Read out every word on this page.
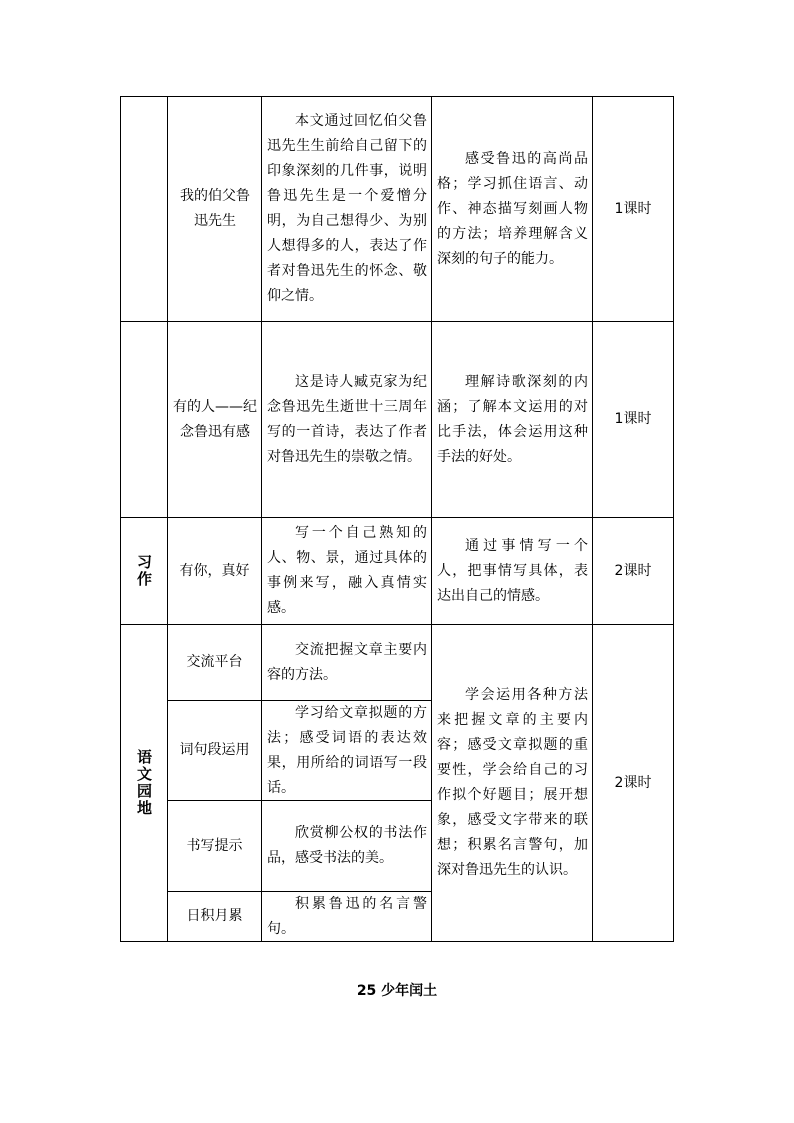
我的伯父鲁迅先生
本文通过回忆伯父鲁迅先生生前给自己留下的印象深刻的几件事，说明鲁迅先生是一个爱憎分明，为自己想得少、为别人想得多的人，表达了作者对鲁迅先生的怀念、敬仰之情。
感受鲁迅的高尚品格；学习抓住语言、动作、神态描写刻画人物的方法；培养理解含义深刻的句子的能力。
1课时
有的人——纪念鲁迅有感
这是诗人臧克家为纪念鲁迅先生逝世十三周年写的一首诗，表达了作者对鲁迅先生的崇敬之情。
理解诗歌深刻的内涵；了解本文运用的对比手法，体会运用这种手法的好处。
1课时
习作 有你，真好
写一个自己熟知的人、物、景，通过具体的事例来写，融入真情实感。
通过事情写一个人，把事情写具体，表达出自己的情感。
2课时
语文园地
交流平台
交流把握文章主要内容的方法。
词句段运用
学习给文章拟题的方法；感受词语的表达效果，用所给的词语写一段话。
书写提示
欣赏柳公权的书法作品，感受书法的美。
日积月累
积累鲁迅的名言警句。
学会运用各种方法来把握文章的主要内容；感受文章拟题的重要性，学会给自己的习作拟个好题目；展开想象，感受文字带来的联想；积累名言警句，加深对鲁迅先生的认识。
2课时
25 少年闰土
